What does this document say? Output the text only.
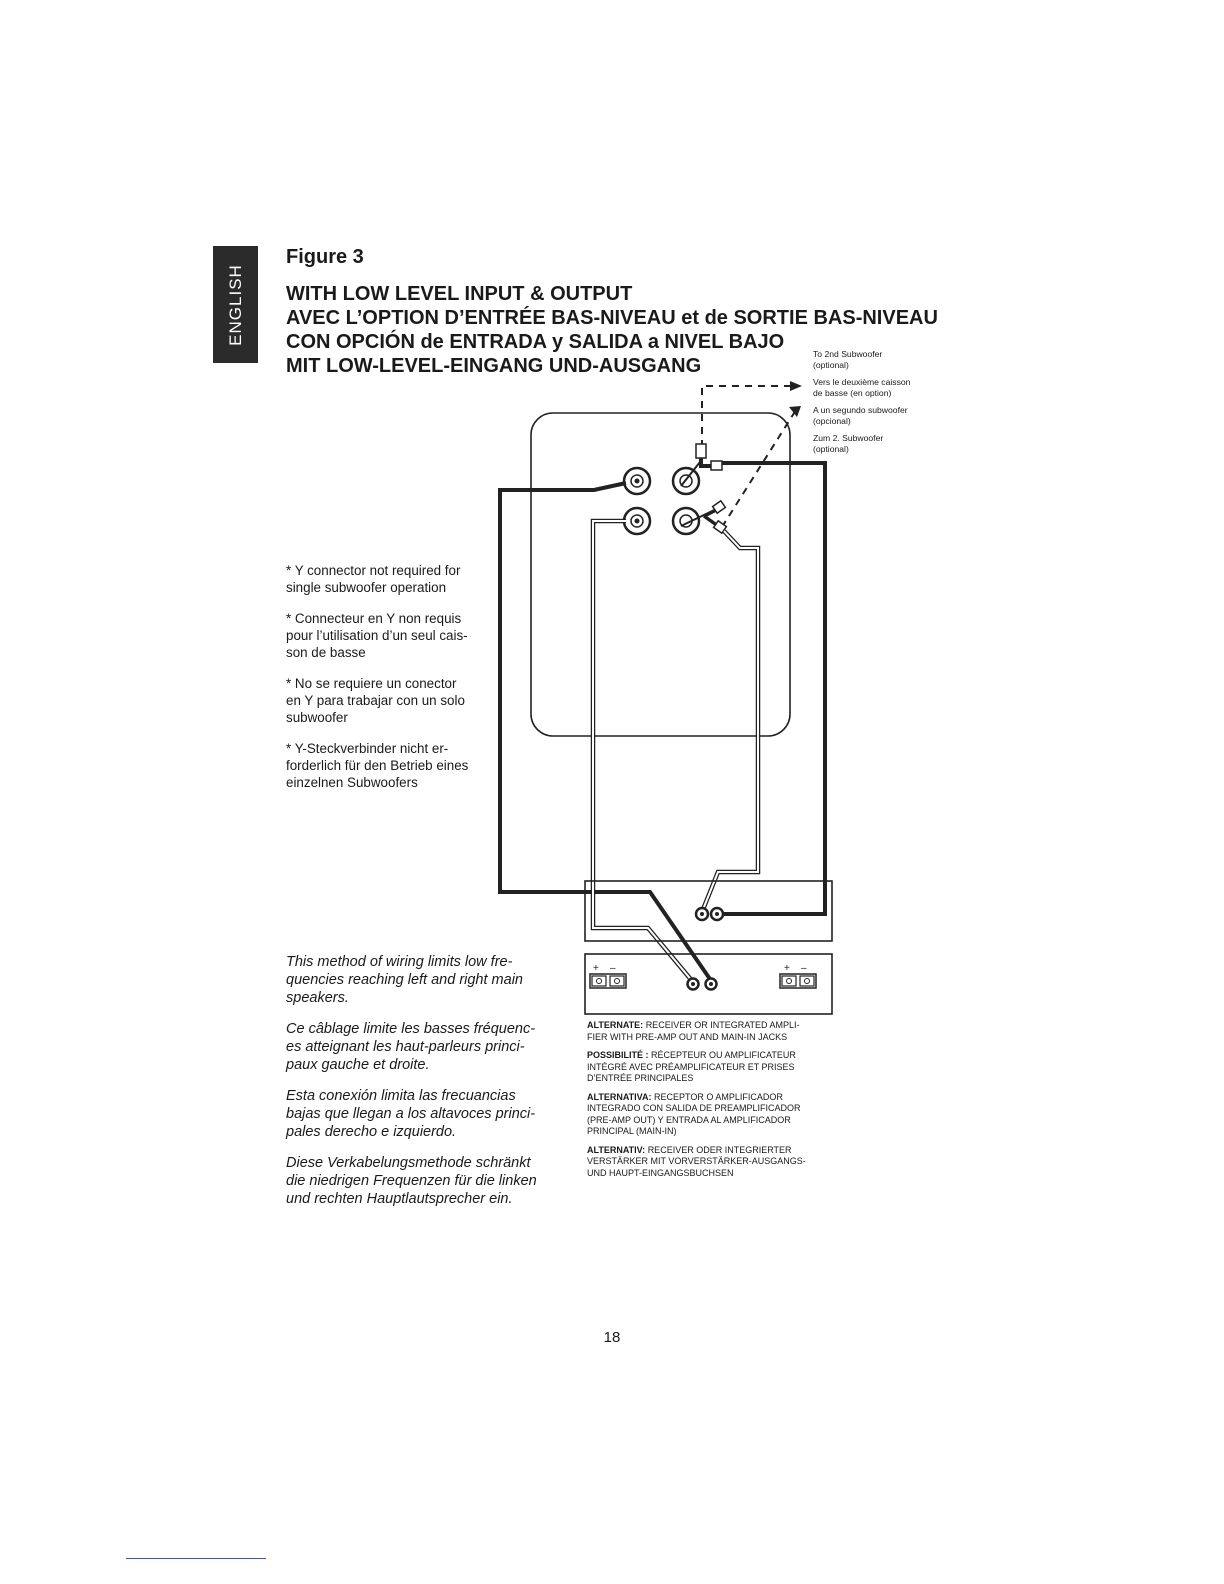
ENGLISH
Figure 3
WITH LOW LEVEL INPUT & OUTPUT
AVEC L’OPTION D’ENTRÉE BAS-NIVEAU et de SORTIE BAS-NIVEAU
CON OPCIÓN de ENTRADA y SALIDA a NIVEL BAJO
MIT LOW-LEVEL-EINGANG UND-AUSGANG

To 2nd Subwoofer
(optional)

Vers le deuxième caisson
de basse (en option)

A un segundo subwoofer
(opcional)

Zum 2. Subwoofer
(optional)

* Y connector not required for
single subwoofer operation

* Connecteur en Y non requis
pour l’utilisation d’un seul cais-
son de basse

* No se requiere un conector
en Y para trabajar con un solo
subwoofer

* Y-Steckverbinder nicht er-
forderlich für den Betrieb eines
einzelnen Subwoofers

This method of wiring limits low fre-
quencies reaching left and right main
speakers.

Ce câblage limite les basses fréquenc-
es atteignant les haut-parleurs princi-
paux gauche et droite.

Esta conexión limita las frecuancias
bajas que llegan a los altavoces princi-
pales derecho e izquierdo.

Diese Verkabelungsmethode schränkt
die niedrigen Frequenzen für die linken
und rechten Hauptlautsprecher ein.

ALTERNATE: RECEIVER OR INTEGRATED AMPLI-
FIER WITH PRE-AMP OUT AND MAIN-IN JACKS

POSSIBILITÉ : RÉCEPTEUR OU AMPLIFICATEUR
INTÉGRÉ AVEC PRÉAMPLIFICATEUR ET PRISES
D’ENTRÉE PRINCIPALES

ALTERNATIVA: RECEPTOR O AMPLIFICADOR
INTEGRADO CON SALIDA DE PREAMPLIFICADOR
(PRE-AMP OUT) Y ENTRADA AL AMPLIFICADOR
PRINCIPAL (MAIN-IN)

ALTERNATIV: RECEIVER ODER INTEGRIERTER
VERSTÄRKER MIT VORVERSTÄRKER-AUSGANGS-
UND HAUPT-EINGANGSBUCHSEN

+ –	+ –
18
